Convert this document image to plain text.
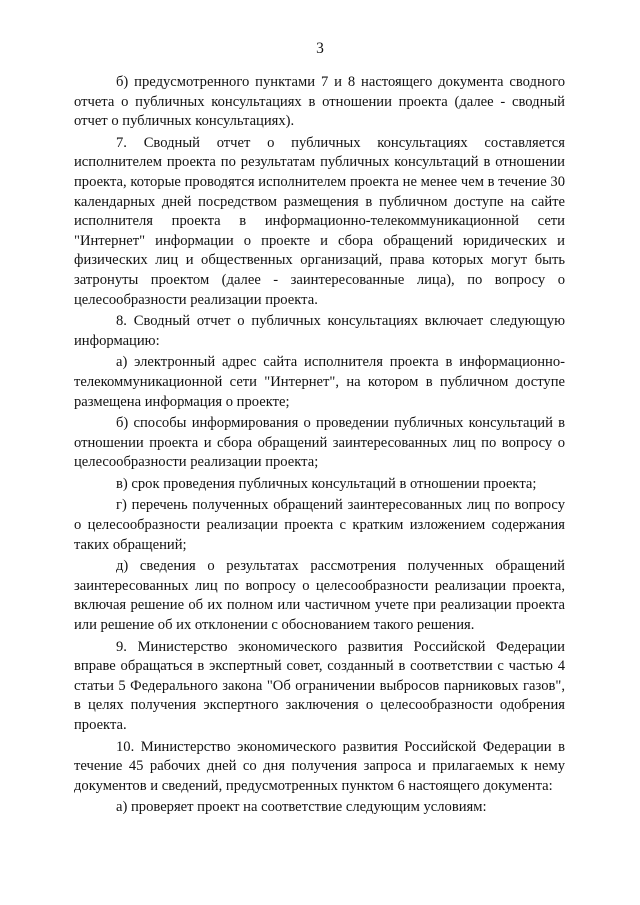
3

б) предусмотренного пунктами 7 и 8 настоящего документа сводного отчета о публичных консультациях в отношении проекта (далее - сводный отчет о публичных консультациях).

7. Сводный отчет о публичных консультациях составляется исполнителем проекта по результатам публичных консультаций в отношении проекта, которые проводятся исполнителем проекта не менее чем в течение 30 календарных дней посредством размещения в публичном доступе на сайте исполнителя проекта в информационно-телекоммуникационной сети "Интернет" информации о проекте и сбора обращений юридических и физических лиц и общественных организаций, права которых могут быть затронуты проектом (далее - заинтересованные лица), по вопросу о целесообразности реализации проекта.

8. Сводный отчет о публичных консультациях включает следующую информацию:

а) электронный адрес сайта исполнителя проекта в информационно-телекоммуникационной сети "Интернет", на котором в публичном доступе размещена информация о проекте;

б) способы информирования о проведении публичных консультаций в отношении проекта и сбора обращений заинтересованных лиц по вопросу о целесообразности реализации проекта;

в) срок проведения публичных консультаций в отношении проекта;

г) перечень полученных обращений заинтересованных лиц по вопросу о целесообразности реализации проекта с кратким изложением содержания таких обращений;

д) сведения о результатах рассмотрения полученных обращений заинтересованных лиц по вопросу о целесообразности реализации проекта, включая решение об их полном или частичном учете при реализации проекта или решение об их отклонении с обоснованием такого решения.

9. Министерство экономического развития Российской Федерации вправе обращаться в экспертный совет, созданный в соответствии с частью 4 статьи 5 Федерального закона "Об ограничении выбросов парниковых газов", в целях получения экспертного заключения о целесообразности одобрения проекта.

10. Министерство экономического развития Российской Федерации в течение 45 рабочих дней со дня получения запроса и прилагаемых к нему документов и сведений, предусмотренных пунктом 6 настоящего документа:

а) проверяет проект на соответствие следующим условиям:
